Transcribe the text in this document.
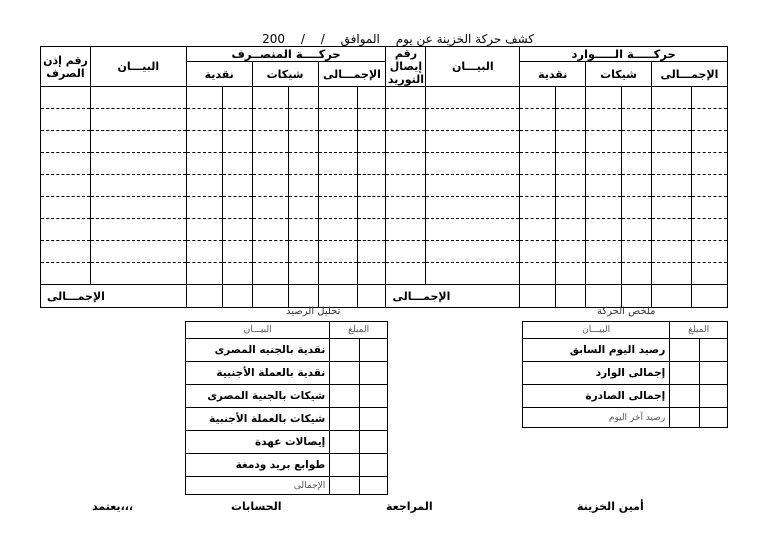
كشف حركة الخزينة عن يوم الموافق / / 200
رقم إذن الصرف	البيـــان	حركــــة المنصــرف						رقم إيصال التوريد	البيـــان	حركـــــة الـــــوارد					
		نقدية		شيكات		الإجمـــالى				نقدية		شيكات		الإجمـــالى	

الإجمـــالى								الإجمـــالى							
تحليل الرصيد
البيـــان	المبلغ	
نقدية بالجنيه المصرى		
نقدية بالعملة الأجنبية		
شيكات بالجنية المصرى		
شيكات بالعملة الأجنبية		
إيصالات عهدة		
طوابع بريد ودمغة		
الإجمالى		
ملخص الحركة
البيـــان	المبلغ	
رصيد اليوم السابق		
إجمالى الوارد		
إجمالى الصادرة		
رصيد آخر اليوم		
يعتمد،،،	الحسابات	المراجعة	أمين الخزينة
